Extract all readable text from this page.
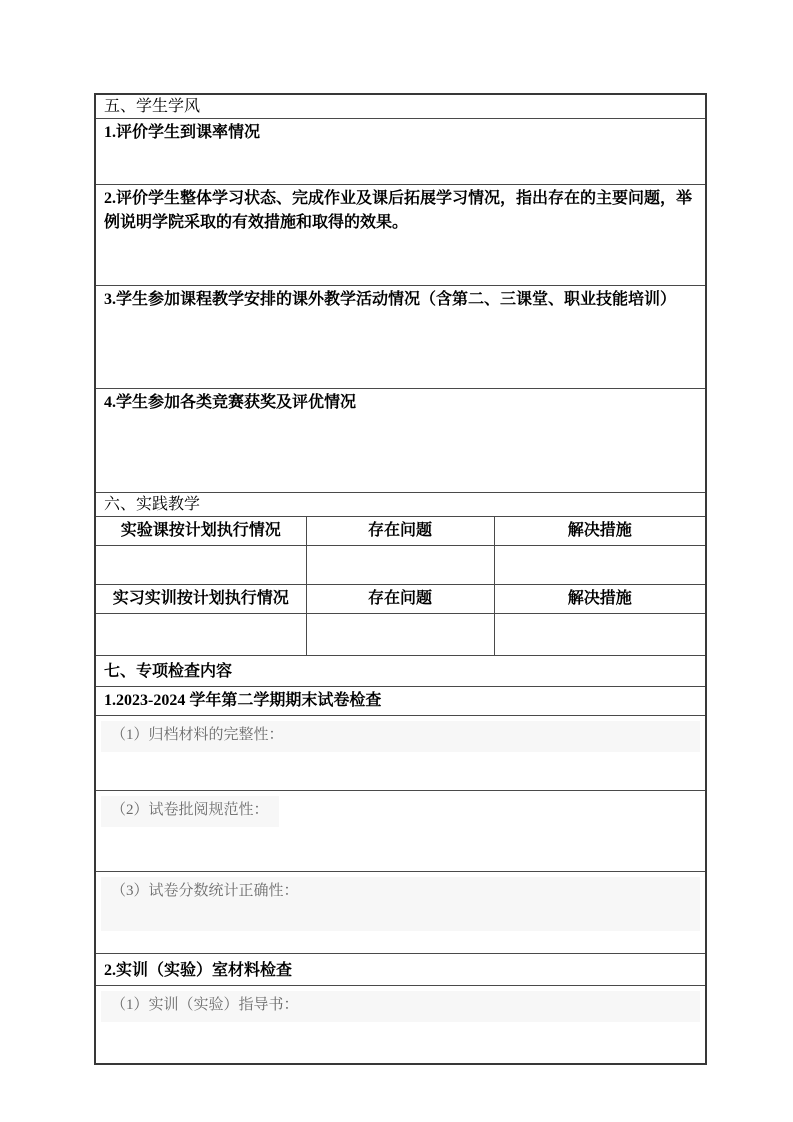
五、学生学风		
1.评价学生到课率情况		
2.评价学生整体学习状态、完成作业及课后拓展学习情况，指出存在的主要问题，举例说明学院采取的有效措施和取得的效果。		
3.学生参加课程教学安排的课外教学活动情况（含第二、三课堂、职业技能培训）		
4.学生参加各类竞赛获奖及评优情况		
六、实践教学		
实验课按计划执行情况	存在问题	解决措施

实习实训按计划执行情况	存在问题	解决措施

七、专项检查内容		
1.2023-2024 学年第二学期期末试卷检查		

（1）归档材料的完整性：		

（2）试卷批阅规范性：		

（3）试卷分数统计正确性：		

2.实训（实验）室材料检查		

（1）实训（实验）指导书：		
